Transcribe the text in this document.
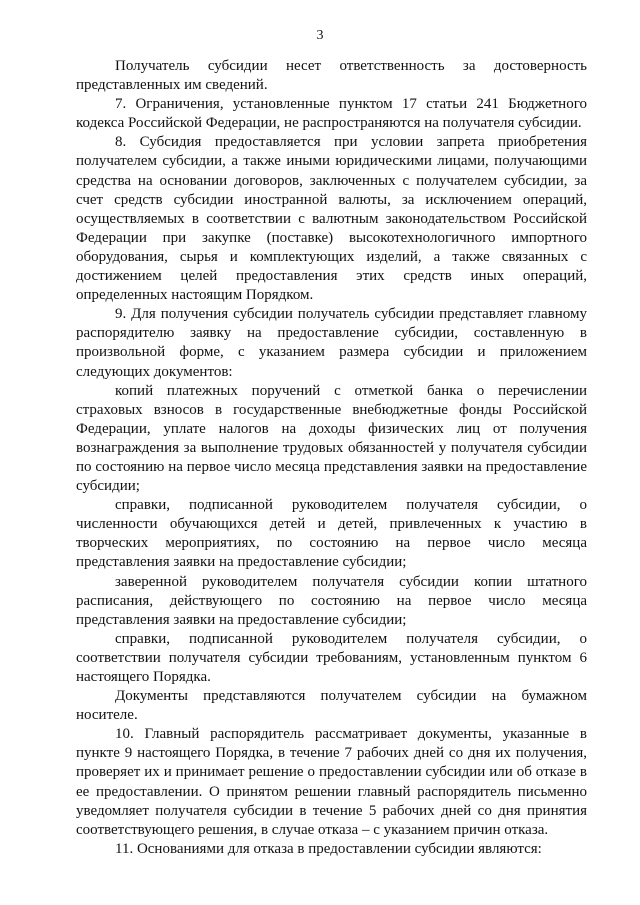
3

Получатель субсидии несет ответственность за достоверность представленных им сведений.

7. Ограничения, установленные пунктом 17 статьи 241 Бюджетного кодекса Российской Федерации, не распространяются на получателя субсидии.

8. Субсидия предоставляется при условии запрета приобретения получателем субсидии, а также иными юридическими лицами, получающими средства на основании договоров, заключенных с получателем субсидии, за счет средств субсидии иностранной валюты, за исключением операций, осуществляемых в соответствии с валютным законодательством Российской Федерации при закупке (поставке) высокотехнологичного импортного оборудования, сырья и комплектующих изделий, а также связанных с достижением целей предоставления этих средств иных операций, определенных настоящим Порядком.

9. Для получения субсидии получатель субсидии представляет главному распорядителю заявку на предоставление субсидии, составленную в произвольной форме, с указанием размера субсидии и приложением следующих документов:

копий платежных поручений с отметкой банка о перечислении страховых взносов в государственные внебюджетные фонды Российской Федерации, уплате налогов на доходы физических лиц от получения вознаграждения за выполнение трудовых обязанностей у получателя субсидии по состоянию на первое число месяца представления заявки на предоставление субсидии;

справки, подписанной руководителем получателя субсидии, о численности обучающихся детей и детей, привлеченных к участию в творческих мероприятиях, по состоянию на первое число месяца представления заявки на предоставление субсидии;

заверенной руководителем получателя субсидии копии штатного расписания, действующего по состоянию на первое число месяца представления заявки на предоставление субсидии;

справки, подписанной руководителем получателя субсидии, о соответствии получателя субсидии требованиям, установленным пунктом 6 настоящего Порядка.

Документы представляются получателем субсидии на бумажном носителе.

10. Главный распорядитель рассматривает документы, указанные в пункте 9 настоящего Порядка, в течение 7 рабочих дней со дня их получения, проверяет их и принимает решение о предоставлении субсидии или об отказе в ее предоставлении. О принятом решении главный распорядитель письменно уведомляет получателя субсидии в течение 5 рабочих дней со дня принятия соответствующего решения, в случае отказа – с указанием причин отказа.

11. Основаниями для отказа в предоставлении субсидии являются:
